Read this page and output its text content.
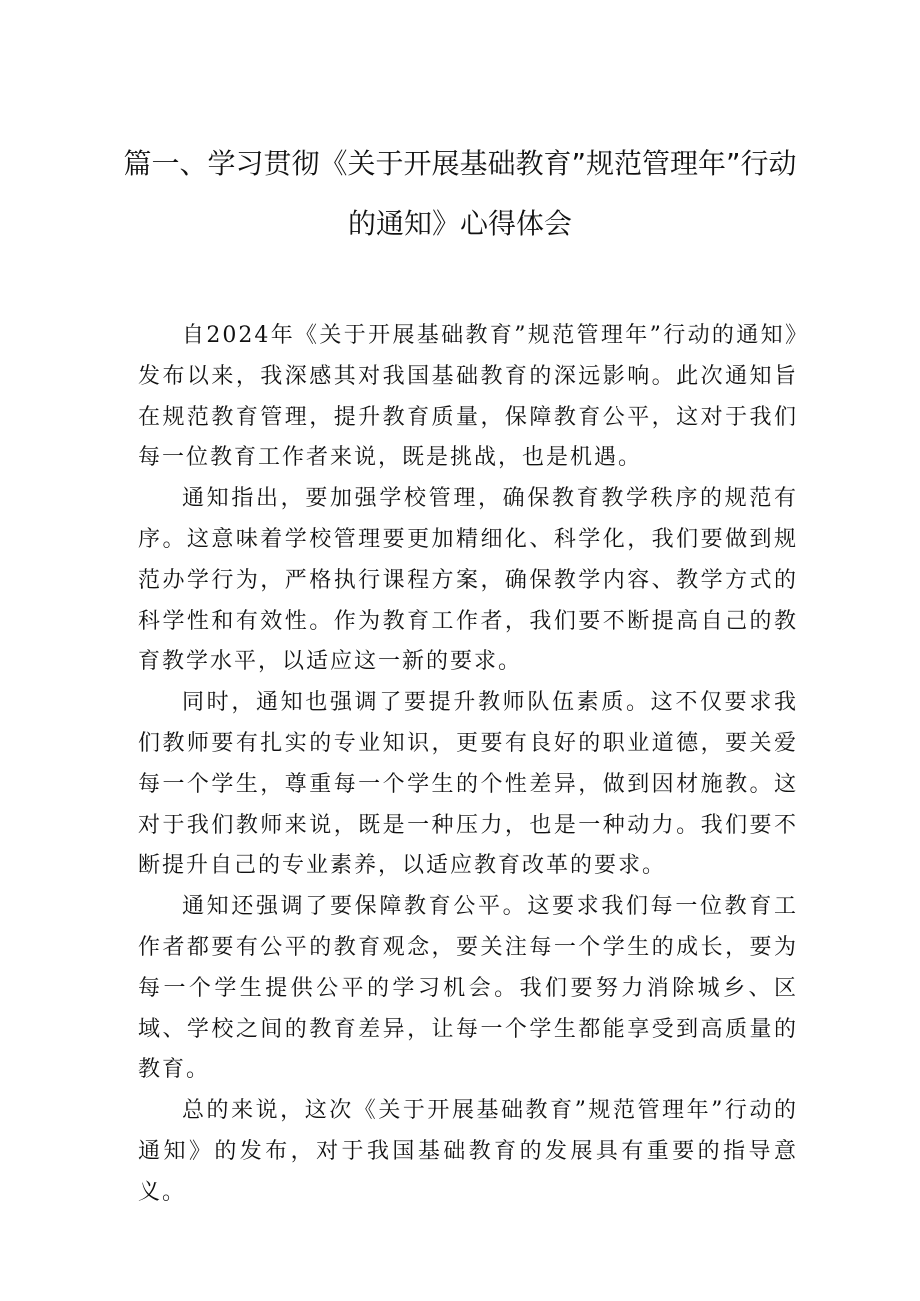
篇一、学习贯彻《关于开展基础教育”规范管理年”行动
的通知》心得体会

自2024年《关于开展基础教育”规范管理年”行动的通知》发布以来，我深感其对我国基础教育的深远影响。此次通知旨在规范教育管理，提升教育质量，保障教育公平，这对于我们每一位教育工作者来说，既是挑战，也是机遇。

通知指出，要加强学校管理，确保教育教学秩序的规范有序。这意味着学校管理要更加精细化、科学化，我们要做到规范办学行为，严格执行课程方案，确保教学内容、教学方式的科学性和有效性。作为教育工作者，我们要不断提高自己的教育教学水平，以适应这一新的要求。

同时，通知也强调了要提升教师队伍素质。这不仅要求我们教师要有扎实的专业知识，更要有良好的职业道德，要关爱每一个学生，尊重每一个学生的个性差异，做到因材施教。这对于我们教师来说，既是一种压力，也是一种动力。我们要不断提升自己的专业素养，以适应教育改革的要求。

通知还强调了要保障教育公平。这要求我们每一位教育工作者都要有公平的教育观念，要关注每一个学生的成长，要为每一个学生提供公平的学习机会。我们要努力消除城乡、区域、学校之间的教育差异，让每一个学生都能享受到高质量的教育。

总的来说，这次《关于开展基础教育”规范管理年”行动的通知》的发布，对于我国基础教育的发展具有重要的指导意义。
